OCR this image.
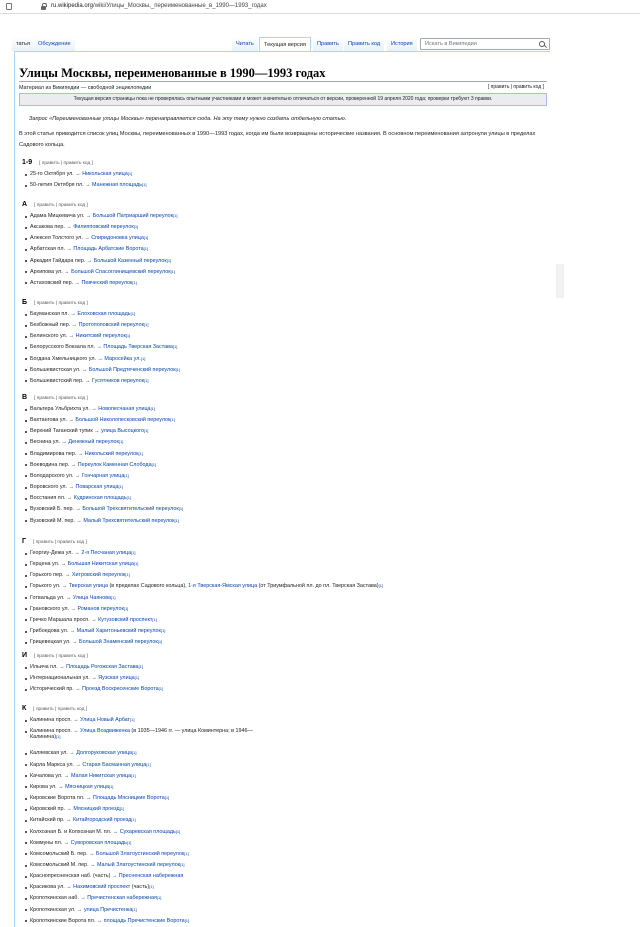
ru.wikipedia.org/wiki/Улицы_Москвы,_переименованные_в_1990—1993_годах
татья	Обсуждение	Читать	Текущая версия	Править	Править код	История	Искать в Википедии
Улицы Москвы, переименованные в 1990—1993 годах
Материал из Википедии — свободной энциклопедии	[ править | править код ]
Текущая версия страницы пока не проверялась опытными участниками и может значительно отличаться от версии, проверенной 19 апреля 2020 года; проверки требуют 3 правки.
Запрос «Переименованные улицы Москвы» перенаправляется сюда. На эту тему нужно создать отдельную статью.
В этой статье приводится список улиц Москвы, переименованных в 1990—1993 годах, когда им были возвращены исторические названия. В основном переименования затронули улицы в пределах Садового кольца.
1-9 [ править | править код ]
25-го Октября ул. → Никольская улица[1]
50-летия Октября пл. → Манежная площадь[1]
А [ править | править код ]
Адама Мицкевича ул. → Большой Патриарший переулок[1]
Аксакова пер. → Филипповский переулок[1]
Алексея Толстого ул. → Спиридоновка улица[1]
Арбатская пл. → Площадь Арбатские Ворота[1]
Аркадия Гайдара пер. → Большой Казенный переулок[1]
Архипова ул. → Большой Спасоглинищевский переулок[1]
Астаховский пер. → Певческий переулок[1]
Б [ править | править код ]
Бауманская пл. → Елоховская площадь[1]
Безбожный пер. → Протопоповский переулок[1]
Белинского ул. → Никитский переулок[1]
Белорусского Вокзала пл. → Площадь Тверская Застава[1]
Богдана Хмельницкого ул. → Маросейка ул.[1]
Большевистская ул. → Большой Предтеченский переулок[1]
Большевистский пер. → Гусятников переулок[1]
В [ править | править код ]
Вальтера Ульбрихта ул. → Новопесчаная улица[1]
Вахтангова ул. → Большой Николопесковский переулок[1]
Верхний Таганский тупик → улица Высоцкого[1]
Веснина ул. → Денежный переулок[1]
Владимирова пер. → Никольский переулок[1]
Воеводина пер. → Переулок Каменная Слобода[1]
Володарского ул. → Гончарная улица[1]
Воровского ул. → Поварская улица[1]
Восстания пл. → Кудринская площадь[1]
Вузовский Б. пер. → Большой Трехсвятительский переулок[1]
Вузовский М. пер. → Малый Трехсвятительский переулок[1]
Г [ править | править код ]
Георгиу-Дежа ул. → 2-я Песчаная улица[1]
Герцена ул. → Большая Никитская улица[1]
Горького пер. → Хитровский переулок[1]
Горького ул. → Тверская улица (в пределах Садового кольца), 1-я Тверская-Ямская улица (от Триумфальной пл. до пл. Тверская Застава)[1]
Готвальда ул. → Улица Чаянова[1]
Грановского ул. → Романов переулок[1]
Гречко Маршала просп. → Кутузовский проспект[1]
Грибоедова ул. → Малый Харитоньевский переулок[1]
Грицевецкая ул. → Большой Знаменский переулок[1]
И [ править | править код ]
Ильича пл. → Площадь Рогожская Застава[1]
Интернациональная ул. → Яузская улица[1]
Исторический пр. → Проезд Воскресенские Ворота[1]
К [ править | править код ]
Калинина просп. → Улица Новый Арбат[1]
Калинина просп. → Улица Воздвиженка (в 1935—1946 гг. — улица Коминтерна; в 1946—
Калинина)[1]
Каляевская ул. → Долгоруковская улица[1]
Карла Маркса ул. → Старая Басманная улица[1]
Качалова ул. → Малая Никитская улица[1]
Кирова ул. → Мясницкая улица[1]
Кировские Ворота пл. → Площадь Мясницкие Ворота[1]
Кировский пр. → Мясницкий проезд[1]
Китайский пр. → Китайгородский проезд[1]
Колхозная Б. и Колхозная М. пл. → Сухаревская площадь[1]
Коммуны пл. → Суворовская площадь[1]
Комсомольский Б. пер. → Большой Златоустинский переулок[1]
Комсомольский М. пер. → Малый Златоустинский переулок[1]
Краснопресненская наб. (часть) → Пресненская набережная
Красикова ул. → Нахимовский проспект (часть)[1]
Кропоткинская наб. → Пречистенская набережная[1]
Кропоткинская ул. → улица Пречистенка[1]
Кропоткинские Ворота пл. → площадь Пречистенские Ворота[1]
